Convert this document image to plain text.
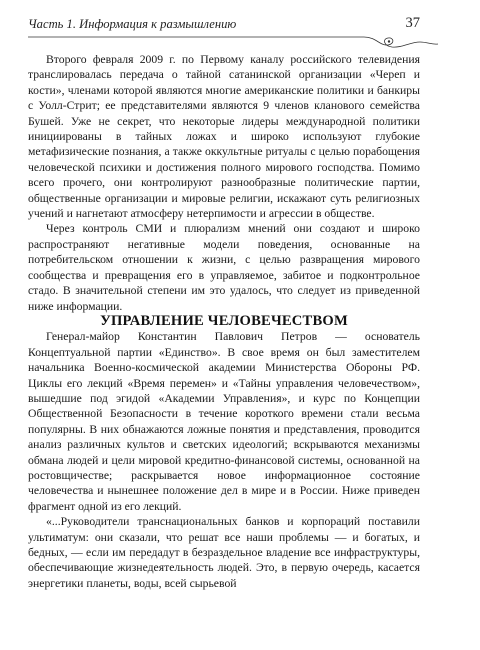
Часть 1. Информация к размышлению	37

Второго февраля 2009 г. по Первому каналу российского телевидения транслировалась передача о тайной сатанинской организации «Череп и кости», членами которой являются многие американские политики и банкиры с Уолл-Стрит; ее представителями являются 9 членов кланового семейства Бушей. Уже не секрет, что некоторые лидеры международной политики инициированы в тайных ложах и широко используют глубокие метафизические познания, а также оккультные ритуалы с целью порабощения человеческой психики и достижения полного мирового господства. Помимо всего прочего, они контролируют разнообразные политические партии, общественные организации и мировые религии, искажают суть религиозных учений и нагнетают атмосферу нетерпимости и агрессии в обществе.

Через контроль СМИ и плюрализм мнений они создают и широко распространяют негативные модели поведения, основанные на потребительском отношении к жизни, с целью развращения мирового сообщества и превращения его в управляемое, забитое и подконтрольное стадо. В значительной степени им это удалось, что следует из приведенной ниже информации.

УПРАВЛЕНИЕ ЧЕЛОВЕЧЕСТВОМ

Генерал-майор Константин Павлович Петров — основатель Концептуальной партии «Единство». В свое время он был заместителем начальника Военно-космической академии Министерства Обороны РФ. Циклы его лекций «Время перемен» и «Тайны управления человечеством», вышедшие под эгидой «Академии Управления», и курс по Концепции Общественной Безопасности в течение короткого времени стали весьма популярны. В них обнажаются ложные понятия и представления, проводится анализ различных культов и светских идеологий; вскрываются механизмы обмана людей и цели мировой кредитно-финансовой системы, основанной на ростовщичестве; раскрывается новое информационное состояние человечества и нынешнее положение дел в мире и в России. Ниже приведен фрагмент одной из его лекций.

«...Руководители транснациональных банков и корпораций поставили ультиматум: они сказали, что решат все наши проблемы — и богатых, и бедных, — если им передадут в безраздельное владение все инфраструктуры, обеспечивающие жизнедеятельность людей. Это, в первую очередь, касается энергетики планеты, воды, всей сырьевой
